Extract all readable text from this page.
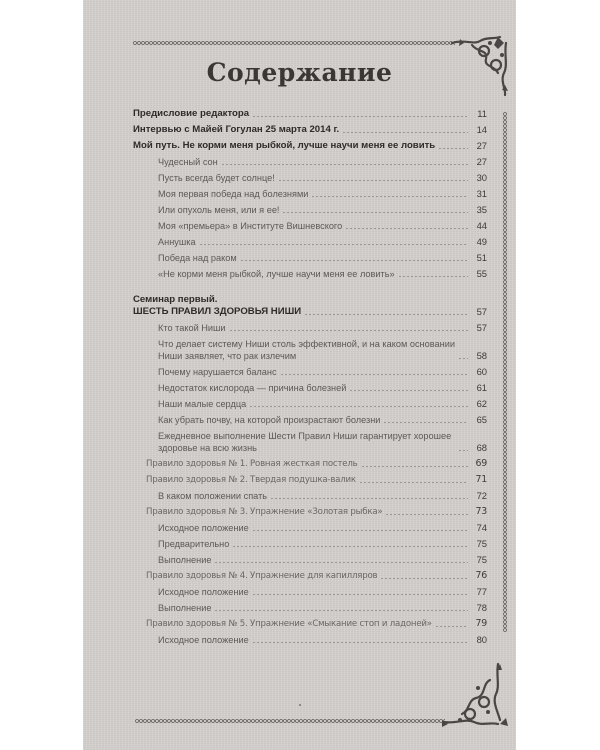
Содержание
Предисловие редактора	11
Интервью с Майей Гогулан 25 марта 2014 г.	14
Мой путь. Не корми меня рыбкой, лучше научи меня ее ловить	27
Чудесный сон	27
Пусть всегда будет солнце!	30
Моя первая победа над болезнями	31
Или опухоль меня, или я ее!	35
Моя «премьера» в Институте Вишневского	44
Аннушка	49
Победа над раком	51
«Не корми меня рыбкой, лучше научи меня ее ловить»	55
Семинар первый.
ШЕСТЬ ПРАВИЛ ЗДОРОВЬЯ НИШИ	57
Кто такой Ниши	57
Что делает систему Ниши столь эффективной, и на каком основании Ниши заявляет, что рак излечим	58
Почему нарушается баланс	60
Недостаток кислорода — причина болезней	61
Наши малые сердца	62
Как убрать почву, на которой произрастают болезни	65
Ежедневное выполнение Шести Правил Ниши гарантирует хорошее здоровье на всю жизнь	68
Правило здоровья № 1. Ровная жесткая постель	69
Правило здоровья № 2. Твердая подушка-валик	71
В каком положении спать	72
Правило здоровья № 3. Упражнение «Золотая рыбка»	73
Исходное положение	74
Предварительно	75
Выполнение	75
Правило здоровья № 4. Упражнение для капилляров	76
Исходное положение	77
Выполнение	78
Правило здоровья № 5. Упражнение «Смыкание стоп и ладоней»	79
Исходное положение	80
